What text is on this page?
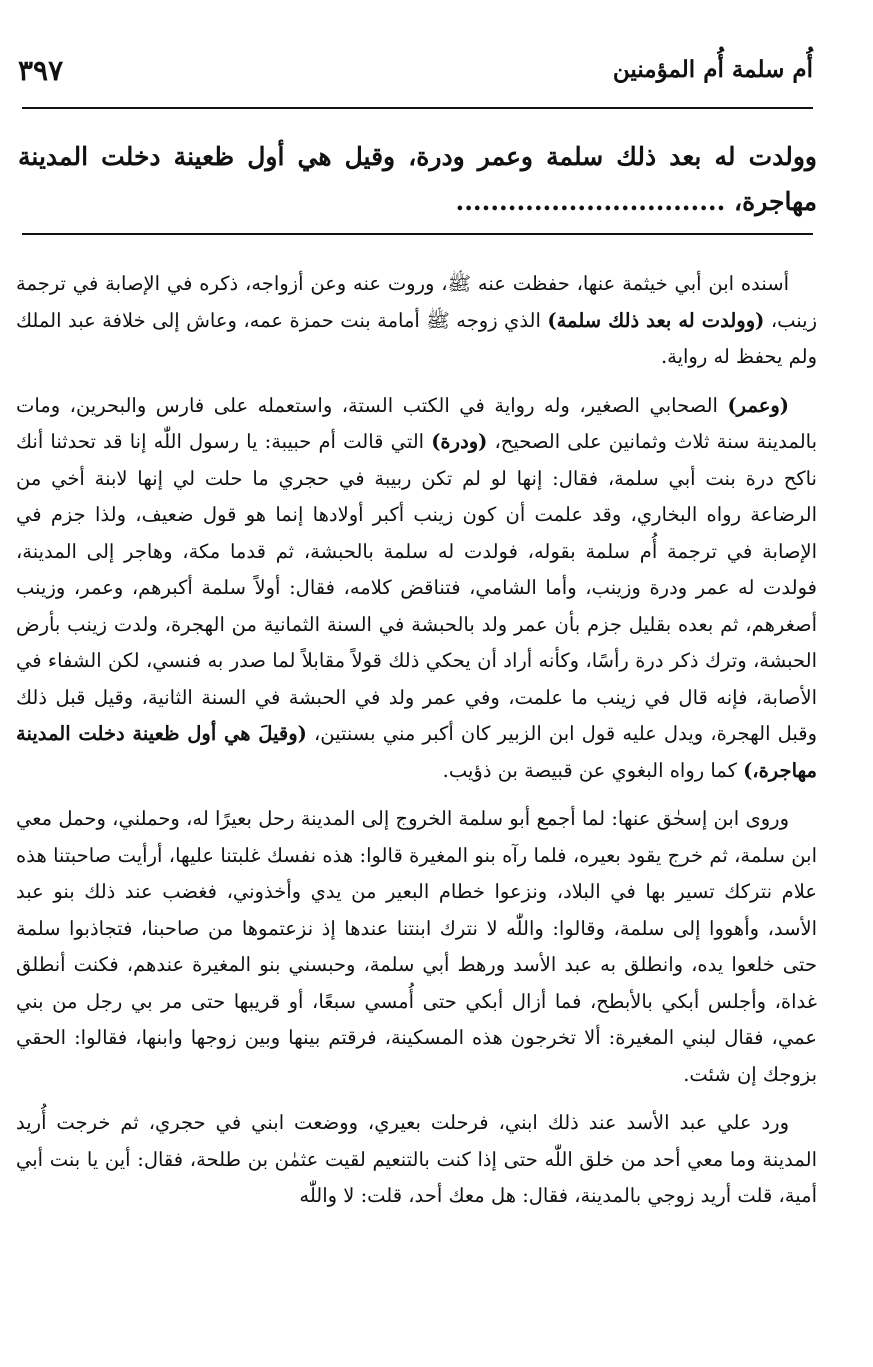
أُم سلمة أُم المؤمنين
٣٩٧
وولدت له بعد ذلك سلمة وعمر ودرة، وقيل هي أول ظعينة دخلت المدينة مهاجرة، ...............................

أسنده ابن أبي خيثمة عنها، حفظت عنه ﷺ، وروت عنه وعن أزواجه، ذكره في الإصابة في ترجمة زينب، (وولدت له بعد ذلك سلمة) الذي زوجه ﷺ أمامة بنت حمزة عمه، وعاش إلى خلافة عبد الملك ولم يحفظ له رواية.

(وعمر) الصحابي الصغير، وله رواية في الكتب الستة، واستعمله على فارس والبحرين، ومات بالمدينة سنة ثلاث وثمانين على الصحيح، (ودرة) التي قالت أم حبيبة: يا رسول اللّٰه إنا قد تحدثنا أنك ناكح درة بنت أبي سلمة، فقال: إنها لو لم تكن ربيبة في حجري ما حلت لي إنها لابنة أخي من الرضاعة رواه البخاري، وقد علمت أن كون زينب أكبر أولادها إنما هو قول ضعيف، ولذا جزم في الإصابة في ترجمة أُم سلمة بقوله، فولدت له سلمة بالحبشة، ثم قدما مكة، وهاجر إلى المدينة، فولدت له عمر ودرة وزينب، وأما الشامي، فتناقض كلامه، فقال: أولاً سلمة أكبرهم، وعمر، وزينب أصغرهم، ثم بعده بقليل جزم بأن عمر ولد بالحبشة في السنة الثمانية من الهجرة، ولدت زينب بأرض الحبشة، وترك ذكر درة رأسًا، وكأنه أراد أن يحكي ذلك قولاً مقابلاً لما صدر به فنسي، لكن الشفاء في الأصابة، فإنه قال في زينب ما علمت، وفي عمر ولد في الحبشة في السنة الثانية، وقيل قبل ذلك وقبل الهجرة، ويدل عليه قول ابن الزبير كان أكبر مني بسنتين، (وقيلَ هي أول ظعينة دخلت المدينة مهاجرة،) كما رواه البغوي عن قبيصة بن ذؤيب.

وروى ابن إسحٰق عنها: لما أجمع أبو سلمة الخروج إلى المدينة رحل بعيرًا له، وحملني، وحمل معي ابن سلمة، ثم خرج يقود بعيره، فلما رآه بنو المغيرة قالوا: هذه نفسك غلبتنا عليها، أرأيت صاحبتنا هذه علام نتركك تسير بها في البلاد، ونزعوا خطام البعير من يدي وأخذوني، فغضب عند ذلك بنو عبد الأسد، وأهووا إلى سلمة، وقالوا: واللّٰه لا نترك ابنتنا عندها إذ نزعتموها من صاحبنا، فتجاذبوا سلمة حتى خلعوا يده، وانطلق به عبد الأسد ورهط أبي سلمة، وحبسني بنو المغيرة عندهم، فكنت أنطلق غداة، وأجلس أبكي بالأبطح، فما أزال أبكي حتى أُمسي سبعًا، أو قريبها حتى مر بي رجل من بني عمي، فقال لبني المغيرة: ألا تخرجون هذه المسكينة، فرقتم بينها وبين زوجها وابنها، فقالوا: الحقي بزوجك إن شئت.

ورد علي عبد الأسد عند ذلك ابني، فرحلت بعيري، ووضعت ابني في حجري، ثم خرجت أُريد المدينة وما معي أحد من خلق اللّٰه حتى إذا كنت بالتنعيم لقيت عثمٰن بن طلحة، فقال: أين يا بنت أبي أمية، قلت أريد زوجي بالمدينة، فقال: هل معك أحد، قلت: لا واللّٰه
